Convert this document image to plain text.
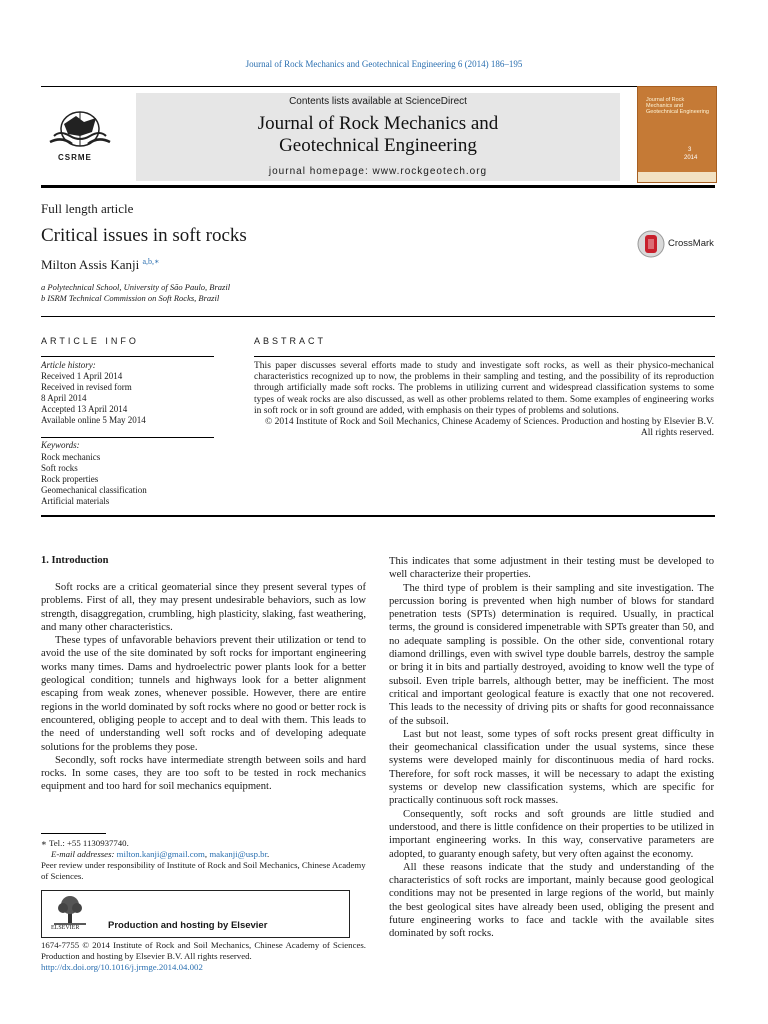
Journal of Rock Mechanics and Geotechnical Engineering 6 (2014) 186–195
CSRME
Contents lists available at ScienceDirect
Journal of Rock Mechanics and
Geotechnical Engineering
journal homepage: www.rockgeotech.org
Journal of Rock Mechanics and Geotechnical Engineering
3
2014
Full length article
Critical issues in soft rocks
Milton Assis Kanji $^{a,b,∗}$
a Polytechnical School, University of São Paulo, Brazil
b ISRM Technical Commission on Soft Rocks, Brazil
CrossMark
ARTICLE INFO
Article history:
Received 1 April 2014
Received in revised form
8 April 2014
Accepted 13 April 2014
Available online 5 May 2014
Keywords:
Rock mechanics
Soft rocks
Rock properties
Geomechanical classification
Artificial materials
ABSTRACT
This paper discusses several efforts made to study and investigate soft rocks, as well as their physico-mechanical characteristics recognized up to now, the problems in their sampling and testing, and the possibility of its reproduction through artificially made soft rocks. The problems in utilizing current and widespread classification systems to some types of weak rocks are also discussed, as well as other problems related to them. Some examples of engineering works in soft rock or in soft ground are added, with emphasis on their types of problems and solutions.
© 2014 Institute of Rock and Soil Mechanics, Chinese Academy of Sciences. Production and hosting by Elsevier B.V. All rights reserved.
1. Introduction

Soft rocks are a critical geomaterial since they present several types of problems. First of all, they may present undesirable behaviors, such as low strength, disaggregation, crumbling, high plasticity, slaking, fast weathering, and many other characteristics.

These types of unfavorable behaviors prevent their utilization or tend to avoid the use of the site dominated by soft rocks for important engineering works many times. Dams and hydroelectric power plants look for a better geological condition; tunnels and highways look for a better alignment escaping from weak zones, whenever possible. However, there are entire regions in the world dominated by soft rocks where no good or better rock is encountered, obliging people to accept and to deal with them. This leads to the need of understanding well soft rocks and of developing adequate solutions for the problems they pose.

Secondly, soft rocks have intermediate strength between soils and hard rocks. In some cases, they are too soft to be tested in rock mechanics equipment and too hard for soil mechanics equipment.

This indicates that some adjustment in their testing must be developed to well characterize their properties.

The third type of problem is their sampling and site investigation. The percussion boring is prevented when high number of blows for standard penetration tests (SPTs) determination is required. Usually, in practical terms, the ground is considered impenetrable with SPTs greater than 50, and no adequate sampling is possible. On the other side, conventional rotary diamond drillings, even with swivel type double barrels, destroy the sample or bring it in bits and partially destroyed, avoiding to know well the type of subsoil. Even triple barrels, although better, may be inefficient. The most critical and important geological feature is exactly that one not recovered. This leads to the necessity of driving pits or shafts for good reconnaissance of the subsoil.

Last but not least, some types of soft rocks present great difficulty in their geomechanical classification under the usual systems, since these systems were developed mainly for discontinuous media of hard rocks. Therefore, for soft rock masses, it will be necessary to adapt the existing systems or develop new classification systems, which are specific for practically continuous soft rock masses.

Consequently, soft rocks and soft grounds are little studied and understood, and there is little confidence on their properties to be utilized in important engineering works. In this way, conservative parameters are adopted, to guaranty enough safety, but very often against the economy.

All these reasons indicate that the study and understanding of the characteristics of soft rocks are important, mainly because good geological conditions may not be presented in large regions of the world, but mainly the best geological sites have already been used, obliging the present and future engineering works to face and tackle with the available sites dominated by soft rocks.

∗ Tel.: +55 1130937740.
E-mail addresses: milton.kanji@gmail.com, makanji@usp.br.
Peer review under responsibility of Institute of Rock and Soil Mechanics, Chinese Academy of Sciences.
ELSEVIER	Production and hosting by Elsevier
1674-7755 © 2014 Institute of Rock and Soil Mechanics, Chinese Academy of Sciences. Production and hosting by Elsevier B.V. All rights reserved.
http://dx.doi.org/10.1016/j.jrmge.2014.04.002
